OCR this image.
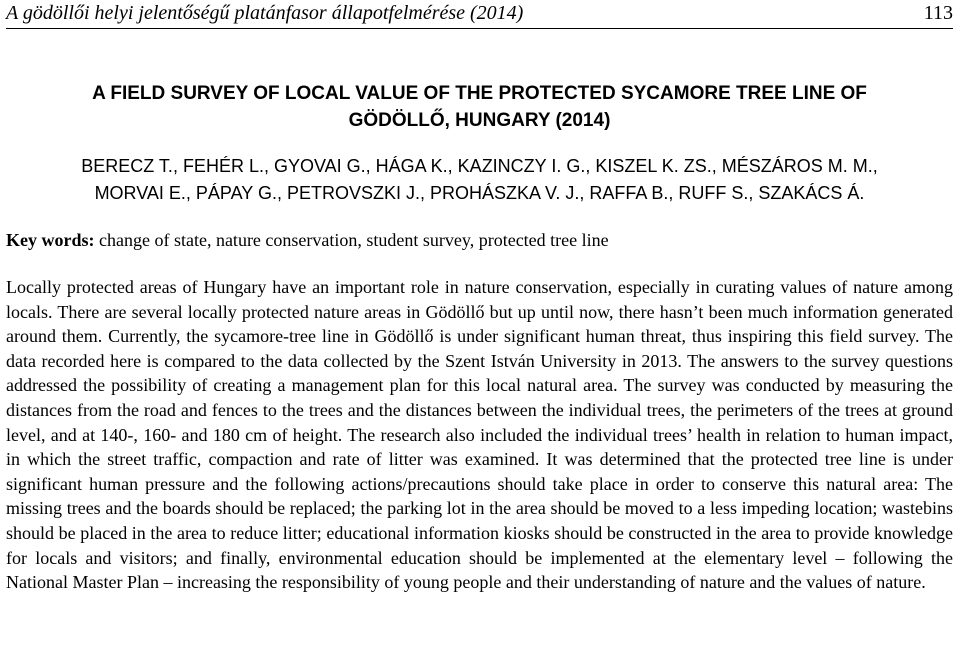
A gödöllői helyi jelentőségű platánfasor állapotfelmérése (2014)	113
A FIELD SURVEY OF LOCAL VALUE OF THE PROTECTED SYCAMORE TREE LINE OF
GÖDÖLLŐ, HUNGARY (2014)
BERECZ T., FEHÉR L., GYOVAI G., HÁGA K., KAZINCZY I. G., KISZEL K. ZS., MÉSZÁROS M. M.,
MORVAI E., PÁPAY G., PETROVSZKI J., PROHÁSZKA V. J., RAFFA B., RUFF S., SZAKÁCS Á.
Key words: change of state, nature conservation, student survey, protected tree line
Locally protected areas of Hungary have an important role in nature conservation, especially in curating values of nature among locals. There are several locally protected nature areas in Gödöllő but up until now, there hasn’t been much information generated around them. Currently, the sycamore-tree line in Gödöllő is under significant human threat, thus inspiring this field survey. The data recorded here is compared to the data collected by the Szent István University in 2013. The answers to the survey questions addressed the possibility of creating a management plan for this local natural area. The survey was conducted by measuring the distances from the road and fences to the trees and the distances between the individual trees, the perimeters of the trees at ground level, and at 140-, 160- and 180 cm of height. The research also included the individual trees’ health in relation to human impact, in which the street traffic, compaction and rate of litter was examined. It was determined that the protected tree line is under significant human pressure and the following actions/precautions should take place in order to conserve this natural area: The missing trees and the boards should be replaced; the parking lot in the area should be moved to a less impeding location; wastebins should be placed in the area to reduce litter; educational information kiosks should be constructed in the area to provide knowledge for locals and visitors; and finally, environmental education should be implemented at the elementary level – following the National Master Plan – increasing the responsibility of young people and their understanding of nature and the values of nature.
